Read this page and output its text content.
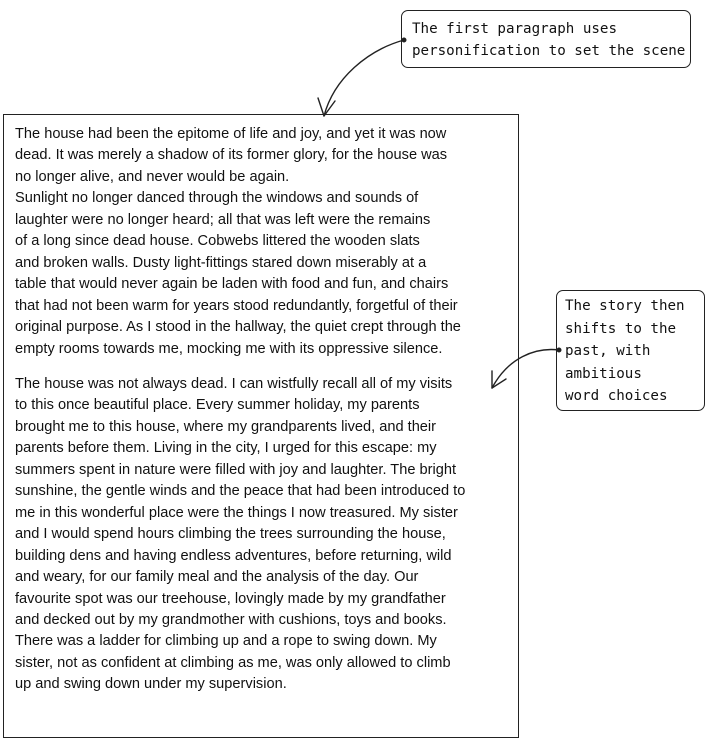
The house had been the epitome of life and joy, and yet it was now
dead. It was merely a shadow of its former glory, for the house was
no longer alive, and never would be again.
Sunlight no longer danced through the windows and sounds of
laughter were no longer heard; all that was left were the remains
of a long since dead house. Cobwebs littered the wooden slats
and broken walls. Dusty light-fittings stared down miserably at a
table that would never again be laden with food and fun, and chairs
that had not been warm for years stood redundantly, forgetful of their
original purpose. As I stood in the hallway, the quiet crept through the
empty rooms towards me, mocking me with its oppressive silence.
The house was not always dead. I can wistfully recall all of my visits
to this once beautiful place. Every summer holiday, my parents
brought me to this house, where my grandparents lived, and their
parents before them. Living in the city, I urged for this escape: my
summers spent in nature were filled with joy and laughter. The bright
sunshine, the gentle winds and the peace that had been introduced to
me in this wonderful place were the things I now treasured. My sister
and I would spend hours climbing the trees surrounding the house,
building dens and having endless adventures, before returning, wild
and weary, for our family meal and the analysis of the day. Our
favourite spot was our treehouse, lovingly made by my grandfather
and decked out by my grandmother with cushions, toys and books.
There was a ladder for climbing up and a rope to swing down. My
sister, not as confident at climbing as me, was only allowed to climb
up and swing down under my supervision.
The first paragraph uses
personification to set the scene
The story then
shifts to the
past, with
ambitious
word choices
